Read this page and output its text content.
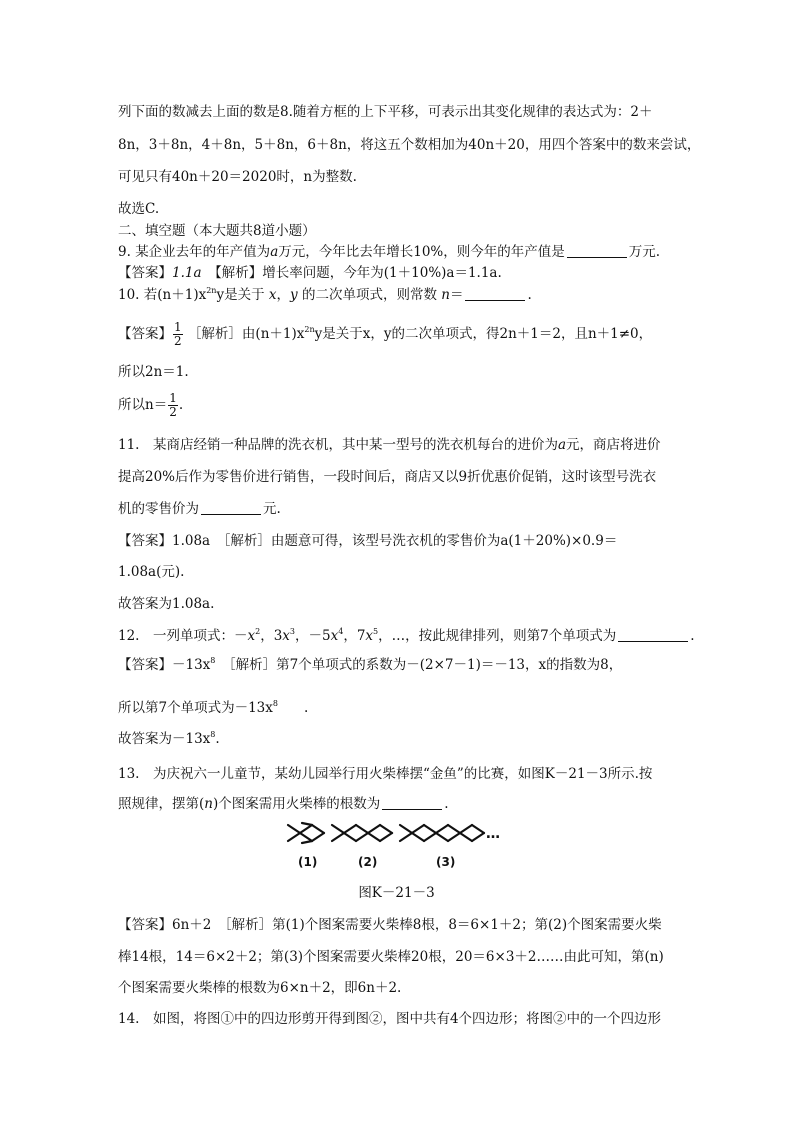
列下面的数减去上面的数是8.随着方框的上下平移，可表示出其变化规律的表达式为：2＋
8n，3＋8n，4＋8n，5＋8n，6＋8n，将这五个数相加为40n＋20，用四个答案中的数来尝试，
可见只有40n＋20＝2020时，n为整数.
故选C.
二、填空题（本大题共8道小题）
9. 某企业去年的年产值为a万元，今年比去年增长10%，则今年的年产值是	万元.
【答案】1.1a　 【解析】增长率问题，今年为(1＋10%)a＝1.1a.
10. 若$(n+1)x^{2n}y$是关于 x，y 的二次单项式，则常数 n＝	.
【答案】 $\frac{1}{2}$ ［解析］由$(n+1)x^{2n}y$是关于x，y的二次单项式，得2n＋1＝2，且n＋1≠0，
所以2n＝1.
所以$n= \frac{1}{2}$ .
11.　某商店经销一种品牌的洗衣机，其中某一型号的洗衣机每台的进价为a元，商店将进价
提高20%后作为零售价进行销售，一段时间后，商店又以9折优惠价促销，这时该型号洗衣
机的零售价为	元.
【答案】1.08a　［解析］由题意可得，该型号洗衣机的零售价为a(1＋20%)×0.9＝
1.08a(元).
故答案为1.08a.
12.　一列单项式：$-x^2$，$3x^3$，$-5x^4$，$7x^5$，…，按此规律排列，则第7个单项式为	.
【答案】$-13x^8$　 ［解析］第7个单项式的系数为－(2×7－1)＝－13，x的指数为8，
所以第7个单项式为$-13x^8$ .
故答案为$-13x^8$.
13.　为庆祝六一儿童节，某幼儿园举行用火柴棒摆“金鱼”的比赛，如图K－21－3所示.按
照规律，摆第(n)个图案需用火柴棒的根数为	.
…
(1)	(2)	(3)
图K－21－3
【答案】6n＋2　［解析］第(1)个图案需要火柴棒8根，8＝6×1＋2；第(2)个图案需要火柴
棒14根，14＝6×2＋2；第(3)个图案需要火柴棒20根，20＝6×3＋2……由此可知，第(n)
个图案需要火柴棒的根数为6×n＋2，即6n＋2.
14.　如图，将图①中的四边形剪开得到图②，图中共有4个四边形；将图②中的一个四边形
